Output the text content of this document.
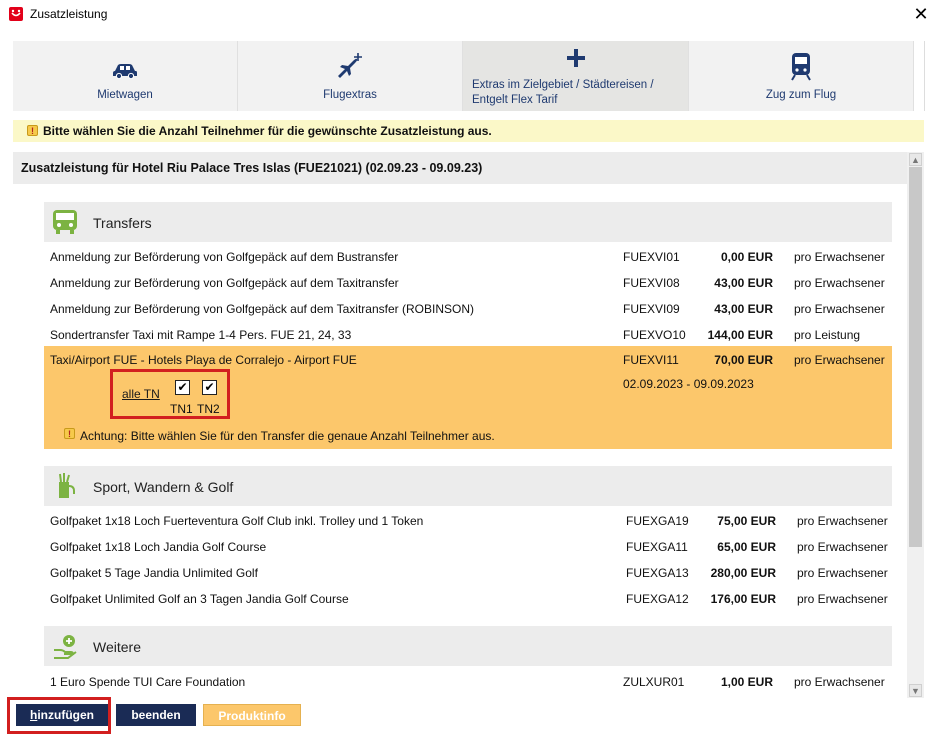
Zusatzleistung	✕
Mietwagen	Flugextras
Extras im Zielgebiet / Städtereisen /
Entgelt Flex Tarif	Zug zum Flug
! Bitte wählen Sie die Anzahl Teilnehmer für die gewünschte Zusatzleistung aus.
Zusatzleistung für Hotel Riu Palace Tres Islas (FUE21021) (02.09.23 - 09.09.23)
Transfers
Anmeldung zur Beförderung von Golfgepäck auf dem Bustransfer	FUEXVI01	0,00 EUR pro Erwachsener
Anmeldung zur Beförderung von Golfgepäck auf dem Taxitransfer	FUEXVI08	43,00 EUR pro Erwachsener
Anmeldung zur Beförderung von Golfgepäck auf dem Taxitransfer (ROBINSON)	FUEXVI09	43,00 EUR pro Erwachsener
Sondertransfer Taxi mit Rampe 1-4 Pers. FUE 21, 24, 33	FUEXVO10	144,00 EUR pro Leistung
Taxi/Airport FUE - Hotels Playa de Corralejo - Airport FUE	FUEXVI11	70,00 EUR pro Erwachsener
02.09.2023 - 09.09.2023
alle TN ✔ ✔
TN1 TN2
! Achtung: Bitte wählen Sie für den Transfer die genaue Anzahl Teilnehmer aus.
Sport, Wandern & Golf
Golfpaket 1x18 Loch Fuerteventura Golf Club inkl. Trolley und 1 Token	FUEXGA19	75,00 EUR pro Erwachsener
Golfpaket 1x18 Loch Jandia Golf Course	FUEXGA11	65,00 EUR pro Erwachsener
Golfpaket 5 Tage Jandia Unlimited Golf	FUEXGA13	280,00 EUR pro Erwachsener
Golfpaket Unlimited Golf an 3 Tagen Jandia Golf Course	FUEXGA12	176,00 EUR pro Erwachsener
Weitere
1 Euro Spende TUI Care Foundation	ZULXUR01	1,00 EUR pro Erwachsener
▲
▼
hinzufügen	beenden	Produktinfo
